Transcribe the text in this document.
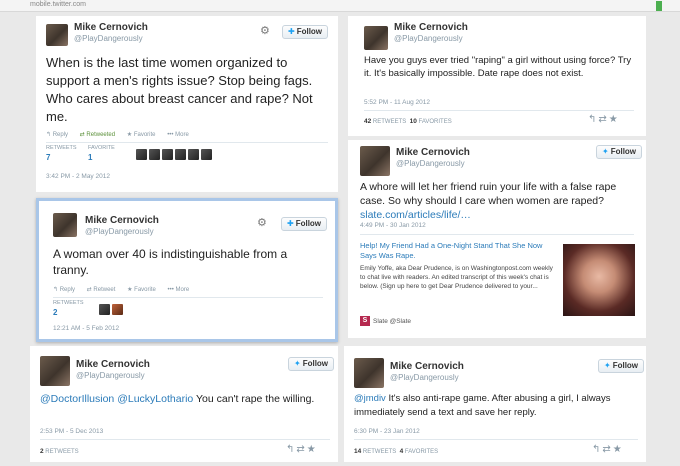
mobile.twitter.com
Mike Cernovich
@PlayDangerously
⚙	✚ Follow
When is the last time women organized to support a men's rights issue? Stop being fags. Who cares about breast cancer and rape? Not me.
↰ Reply ⇄ Retweeted ★ Favorite ••• More
RETWEETS
7
FAVORITE
1
3:42 PM - 2 May 2012
Mike Cernovich
@PlayDangerously
Have you guys ever tried "raping" a girl without using force? Try it. It's basically impossible. Date rape does not exist.
5:52 PM - 11 Aug 2012
42 RETWEETS 10 FAVORITES	↰⇄★
Mike Cernovich
@PlayDangerously
✦ Follow
A whore will let her friend ruin your life with a false rape case. So why should I care when women are raped? slate.com/articles/life/…
4:49 PM - 30 Jan 2012
Help! My Friend Had a One-Night Stand That She Now Says Was Rape.
Emily Yoffe, aka Dear Prudence, is on Washingtonpost.com weekly to chat live with readers. An edited transcript of this week's chat is below. (Sign up here to get Dear Prudence delivered to your...
S Slate @Slate
Mike Cernovich
@PlayDangerously
⚙	✚ Follow
A woman over 40 is indistinguishable from a tranny.
↰ Reply ⇄ Retweet ★ Favorite ••• More
RETWEETS
2
12:21 AM - 5 Feb 2012
Mike Cernovich
@PlayDangerously
✦ Follow
@DoctorIllusion @LuckyLothario You can't rape the willing.
2:53 PM - 5 Dec 2013
2 RETWEETS	↰⇄★
Mike Cernovich
@PlayDangerously
✦ Follow
@jmdiv It's also anti-rape game. After abusing a girl, I always immediately send a text and save her reply.
6:30 PM - 23 Jan 2012
14 RETWEETS 4 FAVORITES	↰⇄★
